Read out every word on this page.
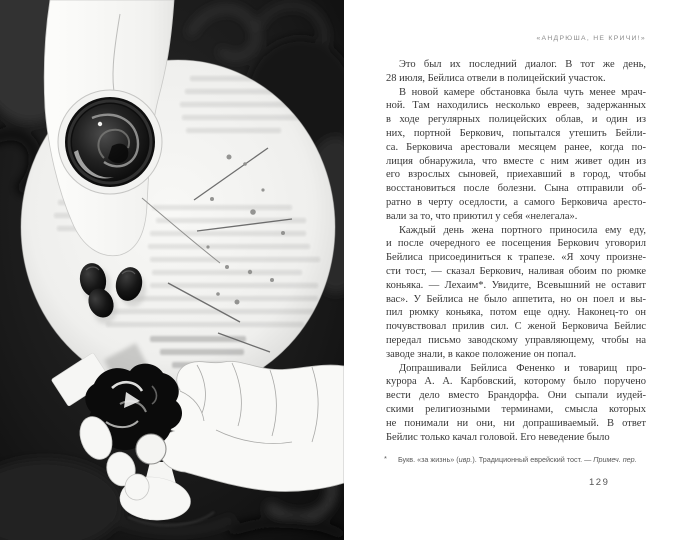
«АНДРЮША, НЕ КРИЧИ!»
Это был их последний диалог. В тот же день,
28 июля, Бейлиса отвели в полицейский участок.
В новой камере обстановка была чуть менее мрач-
ной. Там находились несколько евреев, задержанных
в ходе регулярных полицейских облав, и один из
них, портной Беркович, попытался утешить Бейли-
са. Берковича арестовали месяцем ранее, когда по-
лиция обнаружила, что вместе с ним живет один из
его взрослых сыновей, приехавший в город, чтобы
восстановиться после болезни. Сына отправили об-
ратно в черту оседлости, а самого Берковича аресто-
вали за то, что приютил у себя «нелегала».
Каждый день жена портного приносила ему еду,
и после очередного ее посещения Беркович уговорил
Бейлиса присоединиться к трапезе. «Я хочу произне-
сти тост, — сказал Беркович, наливая обоим по рюмке
коньяка. — Лехаим*. Увидите, Всевышний не оставит
вас». У Бейлиса не было аппетита, но он поел и вы-
пил рюмку коньяка, потом еще одну. Наконец-то он
почувствовал прилив сил. С женой Берковича Бейлис
передал письмо заводскому управляющему, чтобы на
заводе знали, в какое положение он попал.
Допрашивали Бейлиса Фененко и товарищ про-
курора А. А. Карбовский, которому было поручено
вести дело вместо Брандорфа. Они сыпали иудей-
скими религиозными терминами, смысла которых
не понимали ни они, ни допрашиваемый. В ответ
Бейлис только качал головой. Его неведение было
* Букв. «за жизнь» (ивр.). Традиционный еврейский тост. — Примеч. пер.
129
